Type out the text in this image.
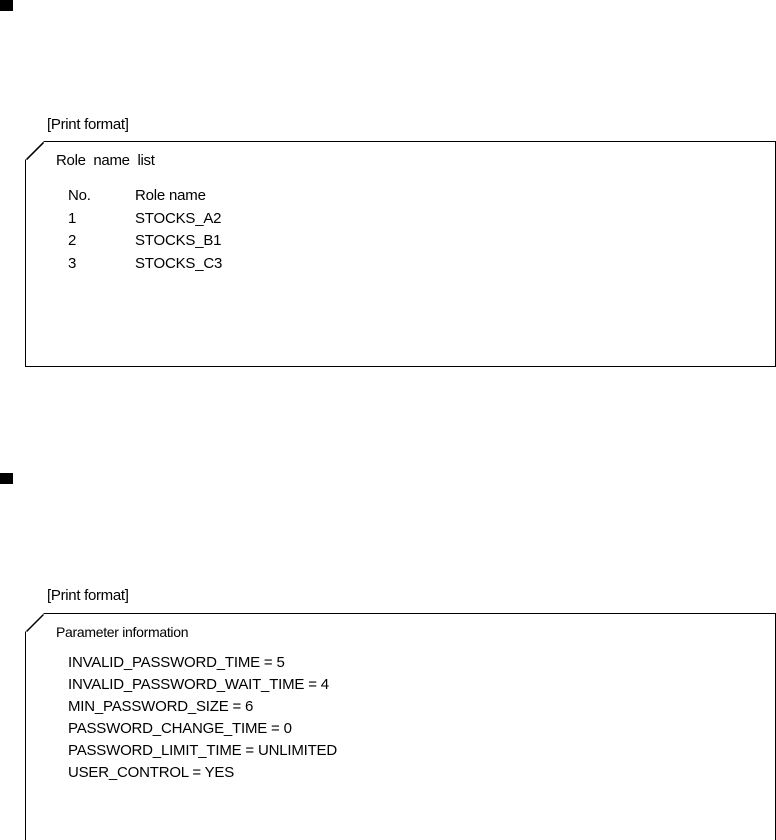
[Print format]
Role  name  list
No.	Role name
1	STOCKS_A2
2	STOCKS_B1
3	STOCKS_C3
[Print format]
Parameter information
INVALID_PASSWORD_TIME = 5
INVALID_PASSWORD_WAIT_TIME = 4
MIN_PASSWORD_SIZE = 6
PASSWORD_CHANGE_TIME = 0
PASSWORD_LIMIT_TIME = UNLIMITED
USER_CONTROL = YES
